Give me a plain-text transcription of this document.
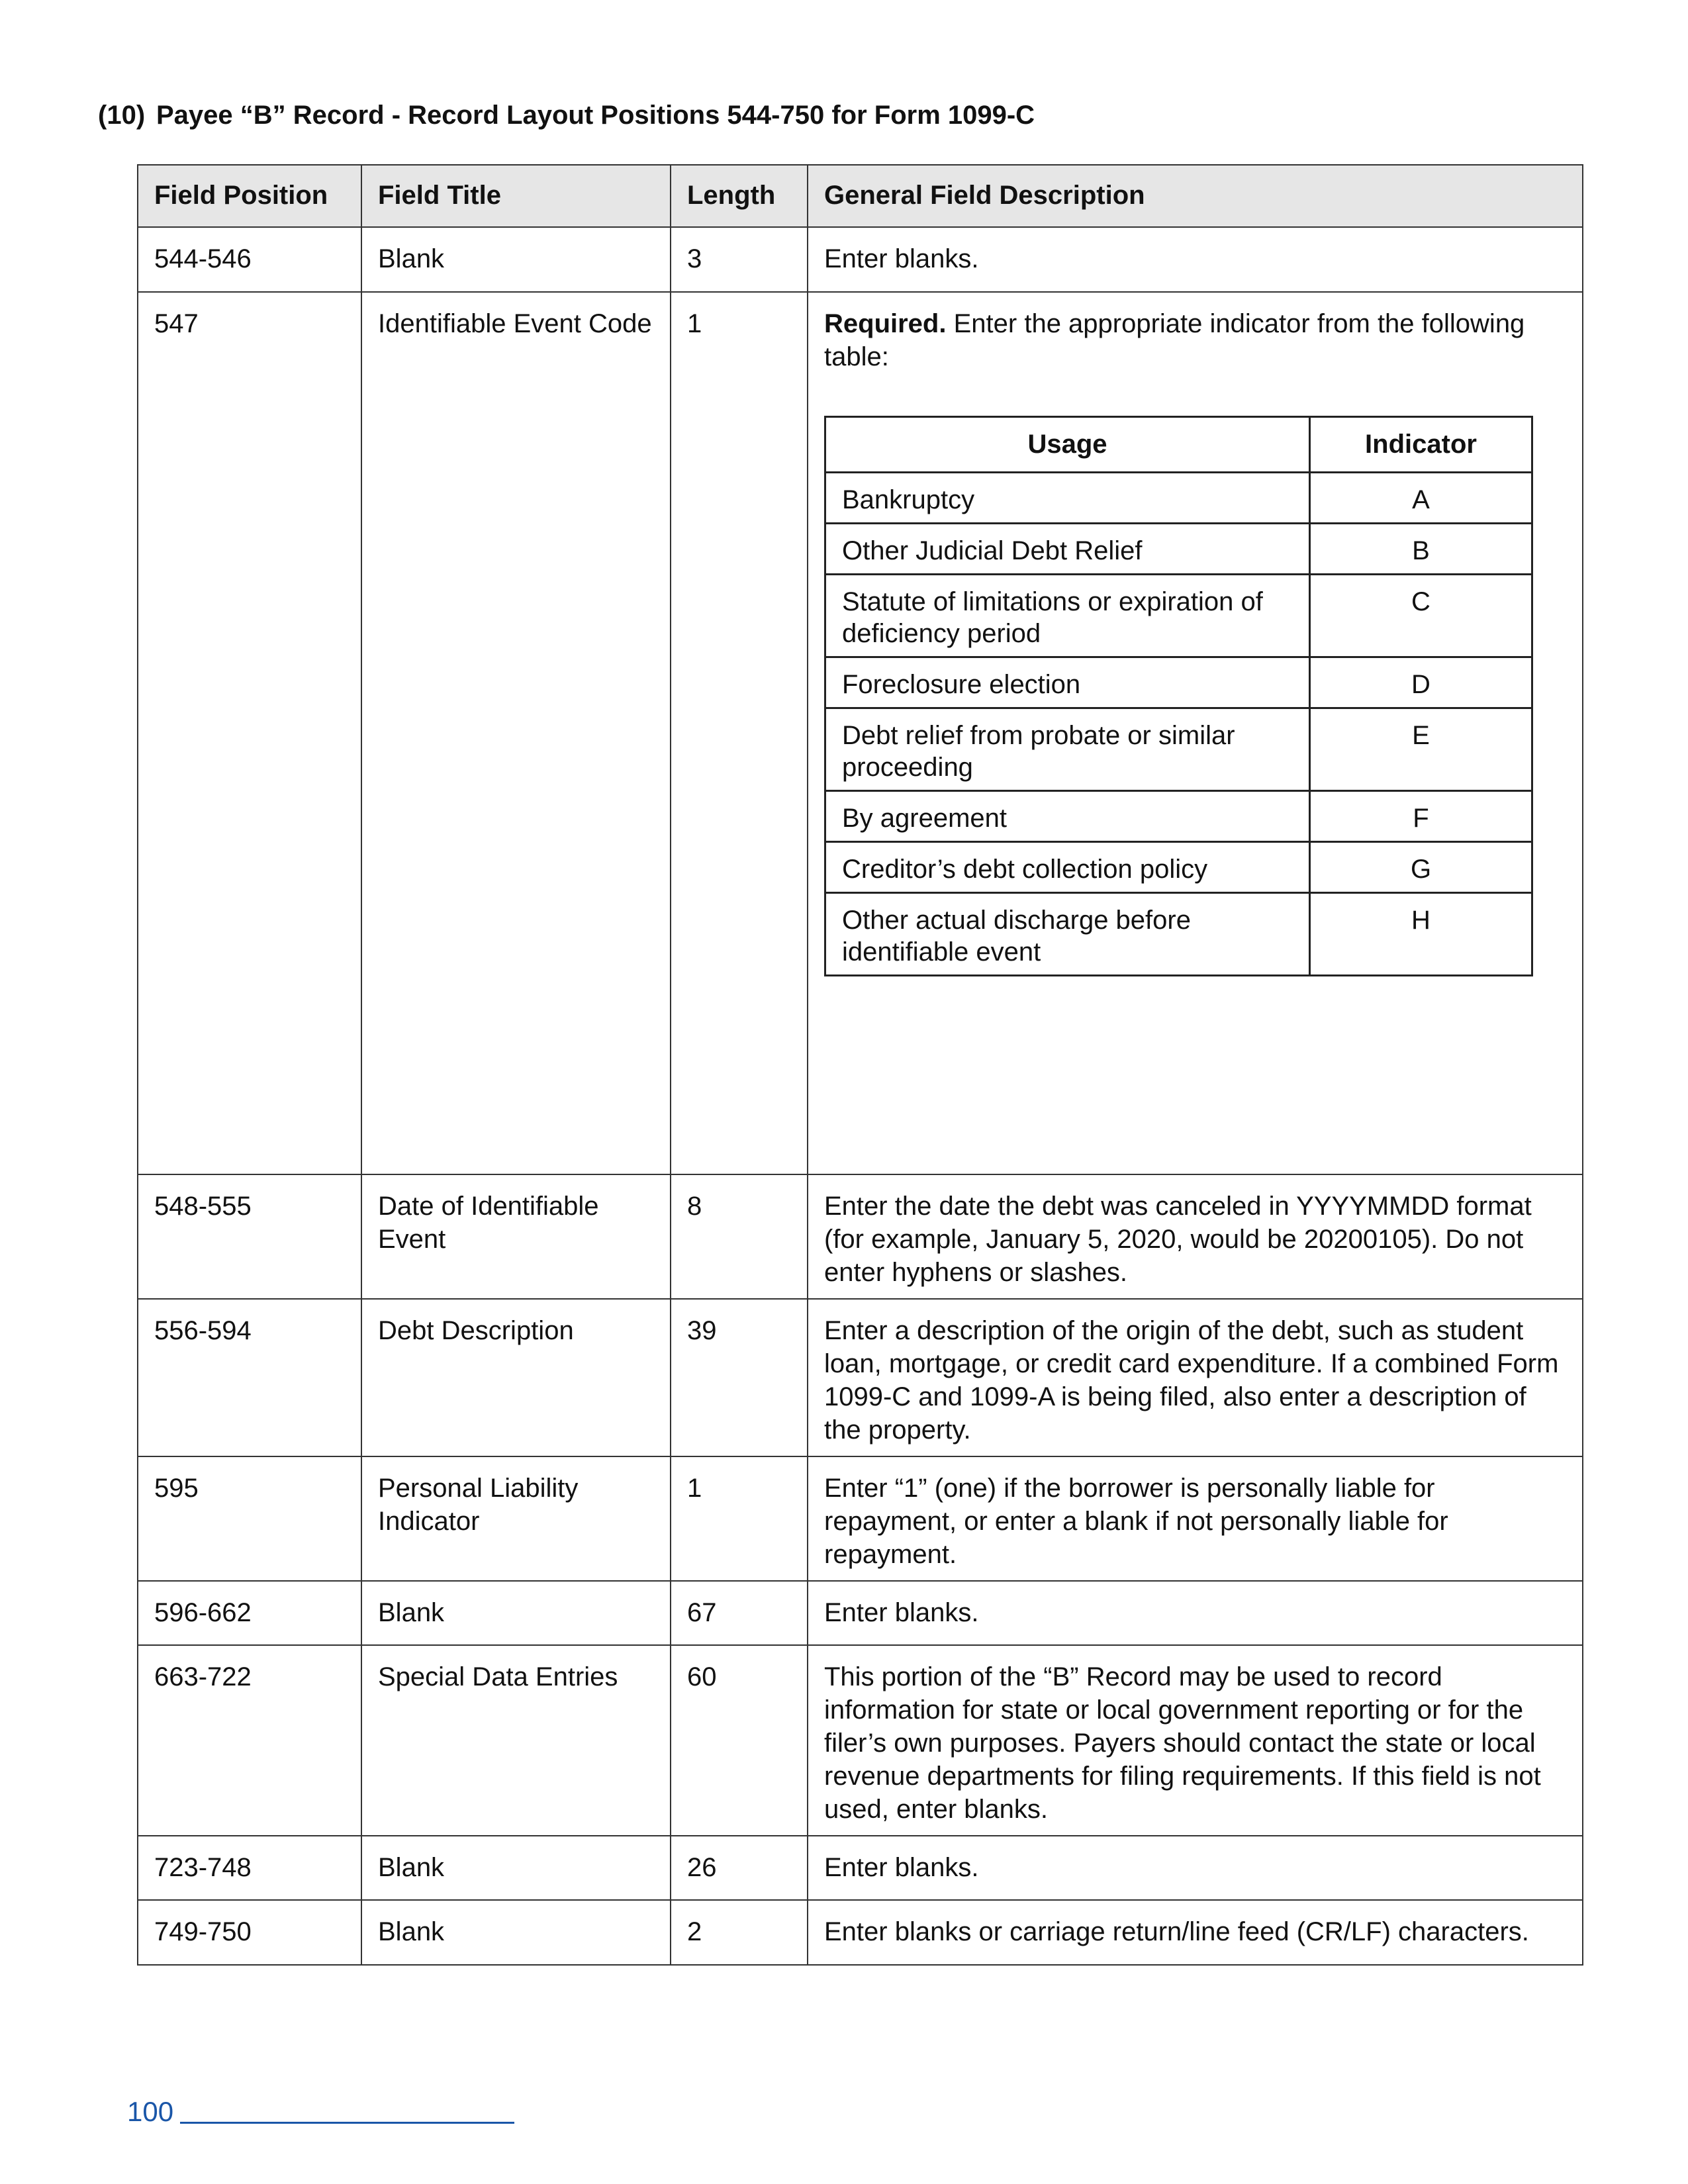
(10) Payee “B” Record - Record Layout Positions 544-750 for Form 1099-C
Field Position	Field Title	Length	General Field Description
544-546	Blank	3	Enter blanks.
547	Identifiable Event Code	1	Required. Enter the appropriate indicator from the following table:
Usage	Indicator
Bankruptcy	A
Other Judicial Debt Relief	B
Statute of limitations or expiration of deficiency period	C
Foreclosure election	D
Debt relief from probate or similar proceeding	E
By agreement	F
Creditor’s debt collection policy	G
Other actual discharge before identifiable event	H

548-555	Date of Identifiable Event	8	Enter the date the debt was canceled in YYYYMMDD format (for example, January 5, 2020, would be 20200105). Do not enter hyphens or slashes.
556-594	Debt Description	39	Enter a description of the origin of the debt, such as student loan, mortgage, or credit card expenditure. If a combined Form 1099-C and 1099-A is being filed, also enter a description of the property.
595	Personal Liability Indicator	1	Enter “1” (one) if the borrower is personally liable for repayment, or enter a blank if not personally liable for repayment.
596-662	Blank	67	Enter blanks.
663-722	Special Data Entries	60	This portion of the “B” Record may be used to record information for state or local government reporting or for the filer’s own purposes. Payers should contact the state or local revenue departments for filing requirements. If this field is not used, enter blanks.
723-748	Blank	26	Enter blanks.
749-750	Blank	2	Enter blanks or carriage return/line feed (CR/LF) characters.
100
